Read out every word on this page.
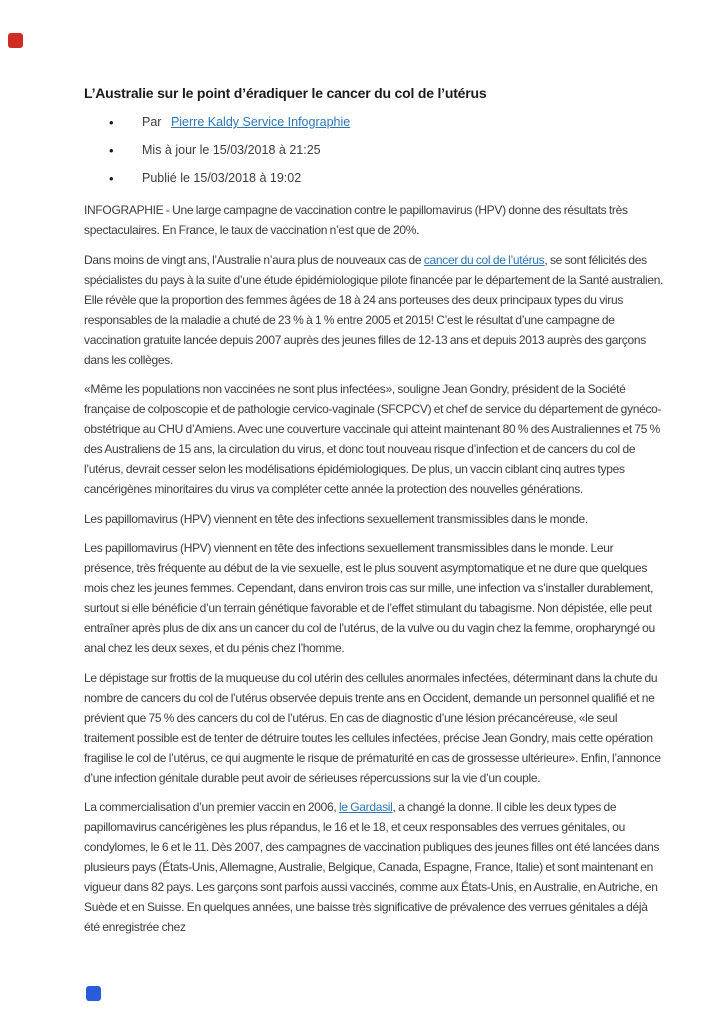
L’Australie sur le point d’éradiquer le cancer du col de l’utérus
•
Par Pierre Kaldy Service Infographie
•
Mis à jour le 15/03/2018 à 21:25
•
Publié le 15/03/2018 à 19:02

INFOGRAPHIE - Une large campagne de vaccination contre le papillomavirus (HPV) donne des résultats très spectaculaires. En France, le taux de vaccination n’est que de 20%.

Dans moins de vingt ans, l’Australie n’aura plus de nouveaux cas de cancer du col de l’utérus, se sont félicités des spécialistes du pays à la suite d’une étude épidémiologique pilote financée par le département de la Santé australien. Elle révèle que la proportion des femmes âgées de 18 à 24 ans porteuses des deux principaux types du virus responsables de la maladie a chuté de 23 % à 1 % entre 2005 et 2015! C’est le résultat d’une campagne de vaccination gratuite lancée depuis 2007 auprès des jeunes filles de 12-13 ans et depuis 2013 auprès des garçons dans les collèges.

«Même les populations non vaccinées ne sont plus infectées», souligne Jean Gondry, président de la Société française de colposcopie et de pathologie cervico-vaginale (SFCPCV) et chef de service du département de gynéco-obstétrique au CHU d’Amiens. Avec une couverture vaccinale qui atteint maintenant 80 % des Australiennes et 75 % des Australiens de 15 ans, la circulation du virus, et donc tout nouveau risque d’infection et de cancers du col de l’utérus, devrait cesser selon les modélisations épidémiologiques. De plus, un vaccin ciblant cinq autres types cancérigènes minoritaires du virus va compléter cette année la protection des nouvelles générations.

Les papillomavirus (HPV) viennent en tête des infections sexuellement transmissibles dans le monde.

Les papillomavirus (HPV) viennent en tête des infections sexuellement transmissibles dans le monde. Leur présence, très fréquente au début de la vie sexuelle, est le plus souvent asymptomatique et ne dure que quelques mois chez les jeunes femmes. Cependant, dans environ trois cas sur mille, une infection va s’installer durablement, surtout si elle bénéficie d’un terrain génétique favorable et de l’effet stimulant du tabagisme. Non dépistée, elle peut entraîner après plus de dix ans un cancer du col de l’utérus, de la vulve ou du vagin chez la femme, oropharyngé ou anal chez les deux sexes, et du pénis chez l’homme.

Le dépistage sur frottis de la muqueuse du col utérin des cellules anormales infectées, déterminant dans la chute du nombre de cancers du col de l’utérus observée depuis trente ans en Occident, demande un personnel qualifié et ne prévient que 75 % des cancers du col de l’utérus. En cas de diagnostic d’une lésion précancéreuse, «le seul traitement possible est de tenter de détruire toutes les cellules infectées, précise Jean Gondry, mais cette opération fragilise le col de l’utérus, ce qui augmente le risque de prématurité en cas de grossesse ultérieure». Enfin, l’annonce d’une infection génitale durable peut avoir de sérieuses répercussions sur la vie d’un couple.

La commercialisation d’un premier vaccin en 2006, le Gardasil, a changé la donne. Il cible les deux types de papillomavirus cancérigènes les plus répandus, le 16 et le 18, et ceux responsables des verrues génitales, ou condylomes, le 6 et le 11. Dès 2007, des campagnes de vaccination publiques des jeunes filles ont été lancées dans plusieurs pays (États-Unis, Allemagne, Australie, Belgique, Canada, Espagne, France, Italie) et sont maintenant en vigueur dans 82 pays. Les garçons sont parfois aussi vaccinés, comme aux États-Unis, en Australie, en Autriche, en Suède et en Suisse. En quelques années, une baisse très significative de prévalence des verrues génitales a déjà été enregistrée chez
